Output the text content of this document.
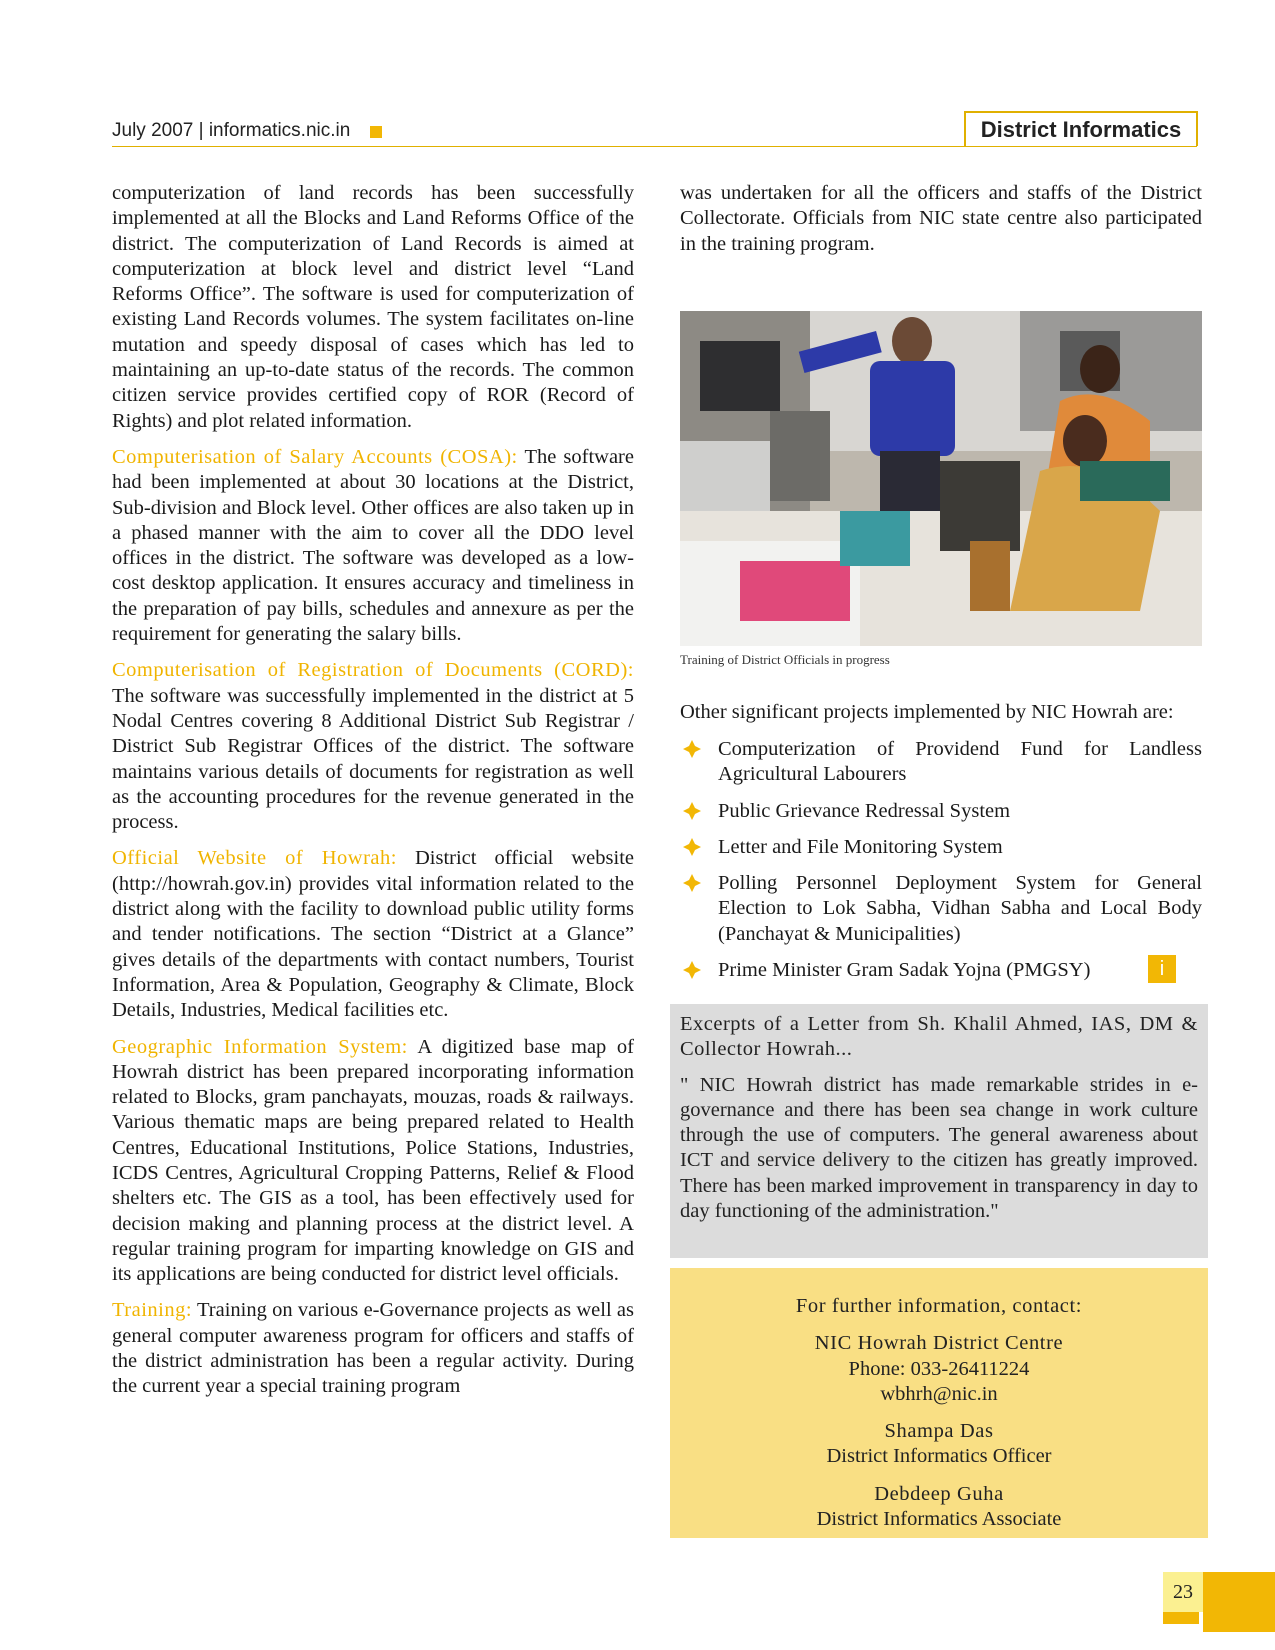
July 2007 | informatics.nic.in	District Informatics

computerization of land records has been successfully implemented at all the Blocks and Land Reforms Office of the district. The computerization of Land Records is aimed at computerization at block level and district level “Land Reforms Office”. The software is used for computerization of existing Land Records volumes. The system facilitates on-line mutation and speedy disposal of cases which has led to maintaining an up-to-date status of the records. The common citizen service provides certified copy of ROR (Record of Rights) and plot related information.

Computerisation of Salary Accounts (COSA): The software had been implemented at about 30 locations at the District, Sub-division and Block level. Other offices are also taken up in a phased manner with the aim to cover all the DDO level offices in the district. The software was developed as a low-cost desktop application. It ensures accuracy and timeliness in the preparation of pay bills, schedules and annexure as per the requirement for generating the salary bills.

Computerisation of Registration of Documents (CORD): The software was successfully implemented in the district at 5 Nodal Centres covering 8 Additional District Sub Registrar / District Sub Registrar Offices of the district. The software maintains various details of documents for registration as well as the accounting procedures for the revenue generated in the process.

Official Website of Howrah: District official website (http://howrah.gov.in) provides vital information related to the district along with the facility to download public utility forms and tender notifications. The section “District at a Glance” gives details of the departments with contact numbers, Tourist Information, Area & Population, Geography & Climate, Block Details, Industries, Medical facilities etc.

Geographic Information System: A digitized base map of Howrah district has been prepared incorporating information related to Blocks, gram panchayats, mouzas, roads & railways. Various thematic maps are being prepared related to Health Centres, Educational Institutions, Police Stations, Industries, ICDS Centres, Agricultural Cropping Patterns, Relief & Flood shelters etc. The GIS as a tool, has been effectively used for decision making and planning process at the district level. A regular training program for imparting knowledge on GIS and its applications are being conducted for district level officials.

Training: Training on various e-Governance projects as well as general computer awareness program for officers and staffs of the district administration has been a regular activity. During the current year a special training program

was undertaken for all the officers and staffs of the District Collectorate. Officials from NIC state centre also participated in the training program.

Training of District Officials in progress
Other significant projects implemented by NIC Howrah are:
Computerization of Providend Fund for Landless Agricultural Labourers
Public Grievance Redressal System
Letter and File Monitoring System
Polling Personnel Deployment System for General Election to Lok Sabha, Vidhan Sabha and Local Body (Panchayat & Municipalities)
Prime Minister Gram Sadak Yojna (PMGSY)	i
Excerpts of a Letter from Sh. Khalil Ahmed, IAS, DM & Collector Howrah...
" NIC Howrah district has made remarkable strides in e-governance and there has been sea change in work culture through the use of computers. The general awareness about ICT and service delivery to the citizen has greatly improved. There has been marked improvement in transparency in day to day functioning of the administration."
For further information, contact:
NIC Howrah District Centre
Phone: 033-26411224
wbhrh@nic.in
Shampa Das
District Informatics Officer
Debdeep Guha
District Informatics Associate
23
